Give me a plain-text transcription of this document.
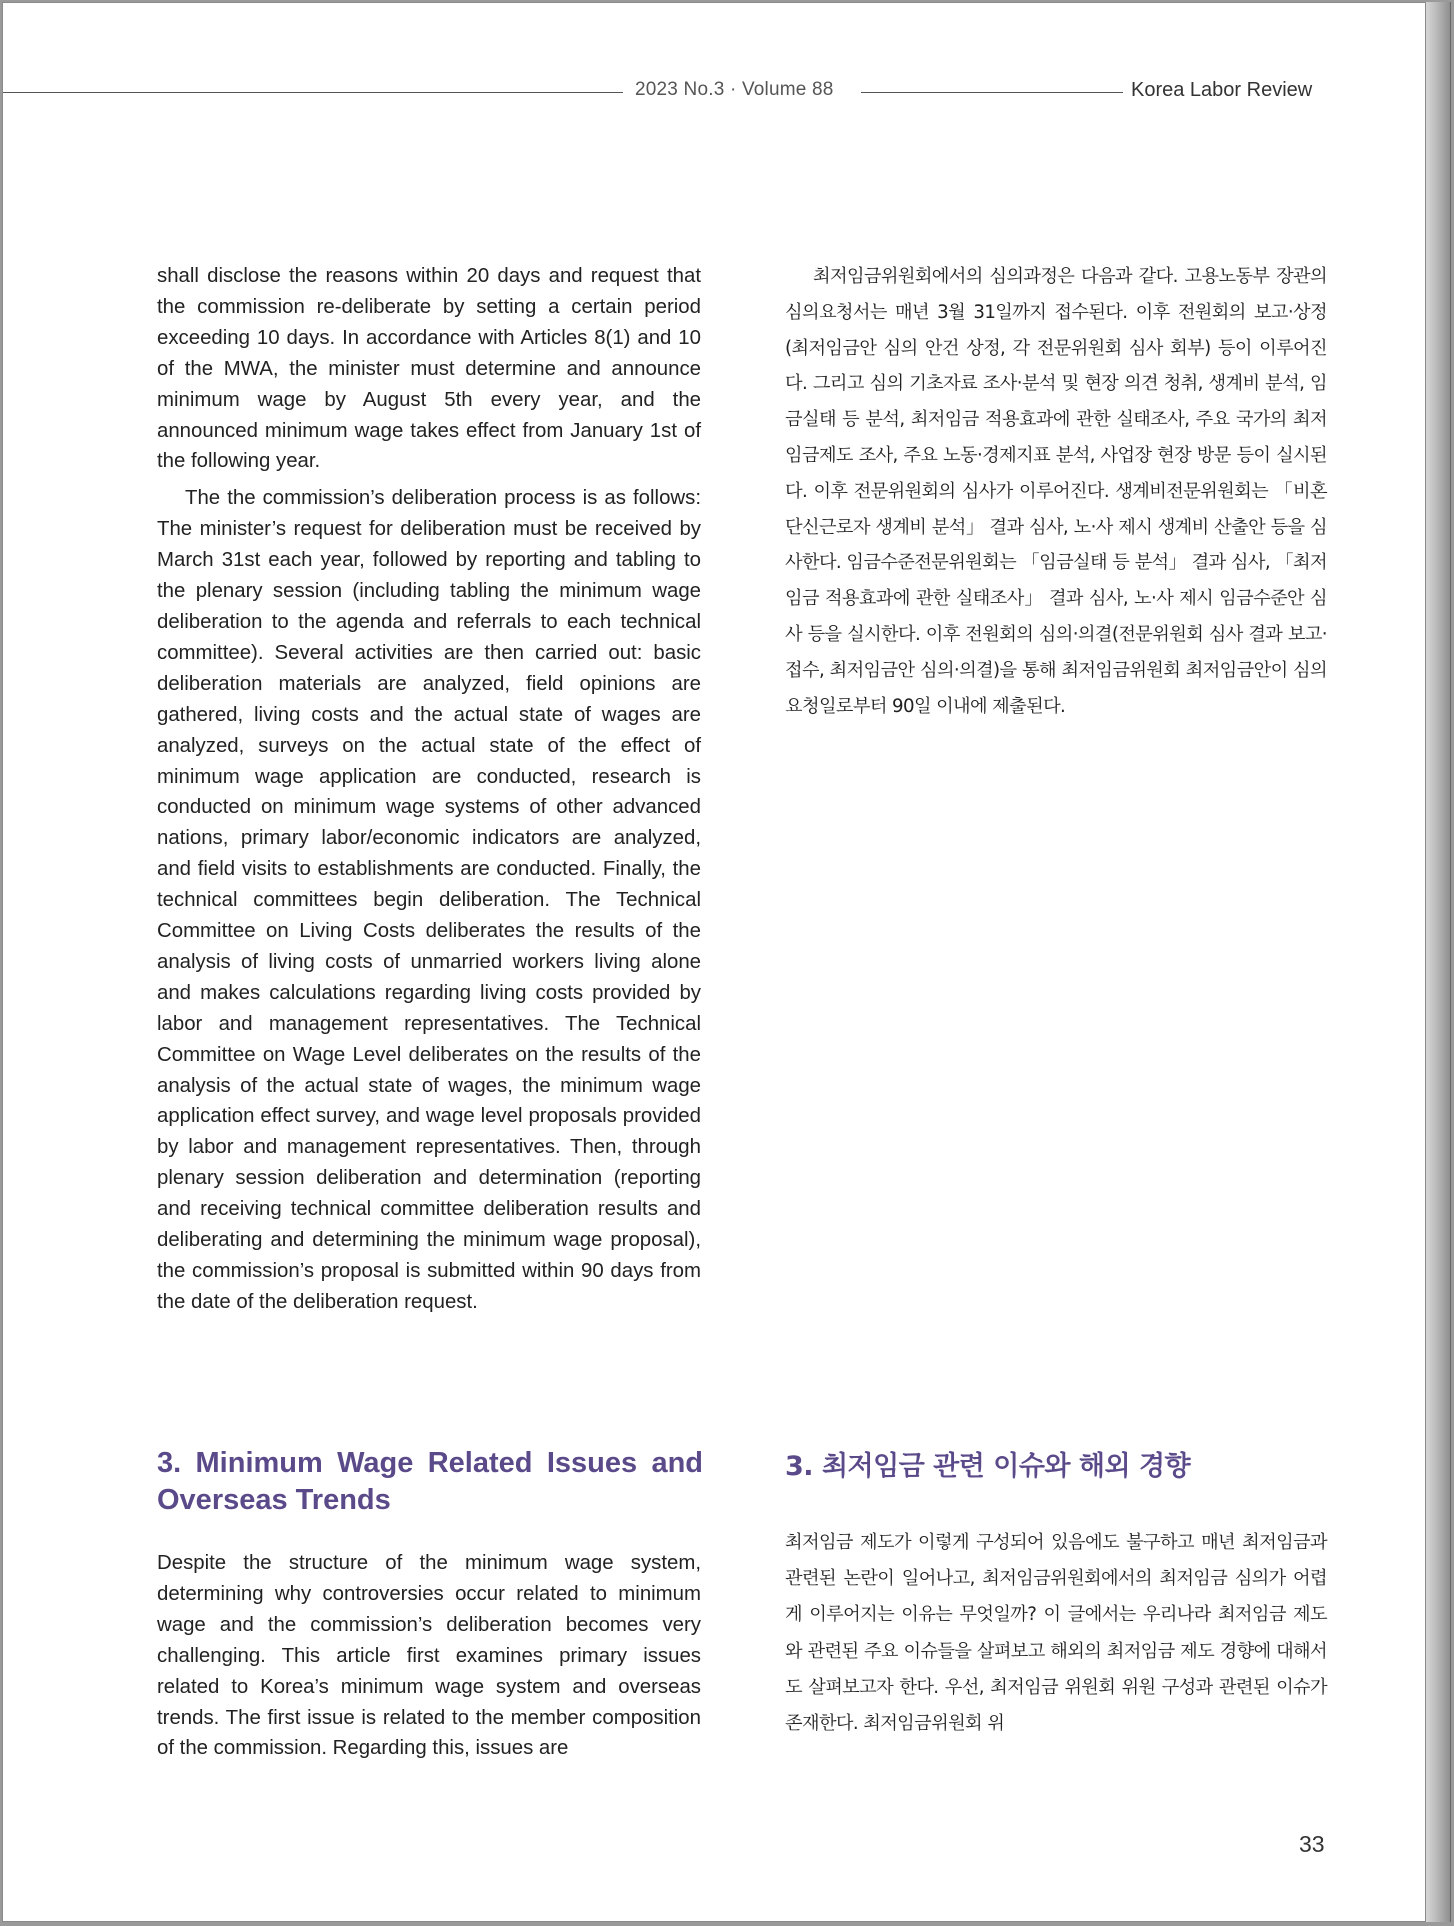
2023 No.3 · Volume 88	Korea Labor Review

shall disclose the reasons within 20 days and request that the commission re-deliberate by setting a certain period exceeding 10 days. In accordance with Articles 8(1) and 10 of the MWA, the minister must determine and announce minimum wage by August 5th every year, and the announced minimum wage takes effect from January 1st of the following year.

The the commission’s deliberation process is as follows: The minister’s request for deliberation must be received by March 31st each year, followed by reporting and tabling to the plenary session (including tabling the minimum wage deliberation to the agenda and referrals to each technical committee). Several activities are then carried out: basic deliberation materials are analyzed, field opinions are gathered, living costs and the actual state of wages are analyzed, surveys on the actual state of the effect of minimum wage application are conducted, research is conducted on minimum wage systems of other advanced nations, primary labor/economic indicators are analyzed, and field visits to establishments are conducted. Finally, the technical committees begin deliberation. The Technical Committee on Living Costs deliberates the results of the analysis of living costs of unmarried workers living alone and makes calculations regarding living costs provided by labor and management representatives. The Technical Committee on Wage Level deliberates on the results of the analysis of the actual state of wages, the minimum wage application effect survey, and wage level proposals provided by labor and management representatives. Then, through plenary session deliberation and determination (reporting and receiving technical committee deliberation results and deliberating and determining the minimum wage proposal), the commission’s proposal is submitted within 90 days from the date of the deliberation request.

최저임금위원회에서의 심의과정은 다음과 같다. 고용노동부 장관의 심의요청서는 매년 3월 31일까지 접수된다. 이후 전원회의 보고·상정(최저임금안 심의 안건 상정, 각 전문위원회 심사 회부) 등이 이루어진다. 그리고 심의 기초자료 조사·분석 및 현장 의견 청취, 생계비 분석, 임금실태 등 분석, 최저임금 적용효과에 관한 실태조사, 주요 국가의 최저임금제도 조사, 주요 노동·경제지표 분석, 사업장 현장 방문 등이 실시된다. 이후 전문위원회의 심사가 이루어진다. 생계비전문위원회는 「비혼 단신근로자 생계비 분석」 결과 심사, 노·사 제시 생계비 산출안 등을 심사한다. 임금수준전문위원회는 「임금실태 등 분석」 결과 심사, 「최저임금 적용효과에 관한 실태조사」 결과 심사, 노·사 제시 임금수준안 심사 등을 실시한다. 이후 전원회의 심의·의결(전문위원회 심사 결과 보고·접수, 최저임금안 심의·의결)을 통해 최저임금위원회 최저임금안이 심의요청일로부터 90일 이내에 제출된다.

3. Minimum Wage Related Issues and Overseas Trends
3. 최저임금 관련 이슈와 해외 경향

Despite the structure of the minimum wage system, determining why controversies occur related to minimum wage and the commission’s deliberation becomes very challenging. This article first examines primary issues related to Korea’s minimum wage system and overseas trends. The first issue is related to the member composition of the commission. Regarding this, issues are

최저임금 제도가 이렇게 구성되어 있음에도 불구하고 매년 최저임금과 관련된 논란이 일어나고, 최저임금위원회에서의 최저임금 심의가 어렵게 이루어지는 이유는 무엇일까? 이 글에서는 우리나라 최저임금 제도와 관련된 주요 이슈들을 살펴보고 해외의 최저임금 제도 경향에 대해서도 살펴보고자 한다. 우선, 최저임금 위원회 위원 구성과 관련된 이슈가 존재한다. 최저임금위원회 위

33
